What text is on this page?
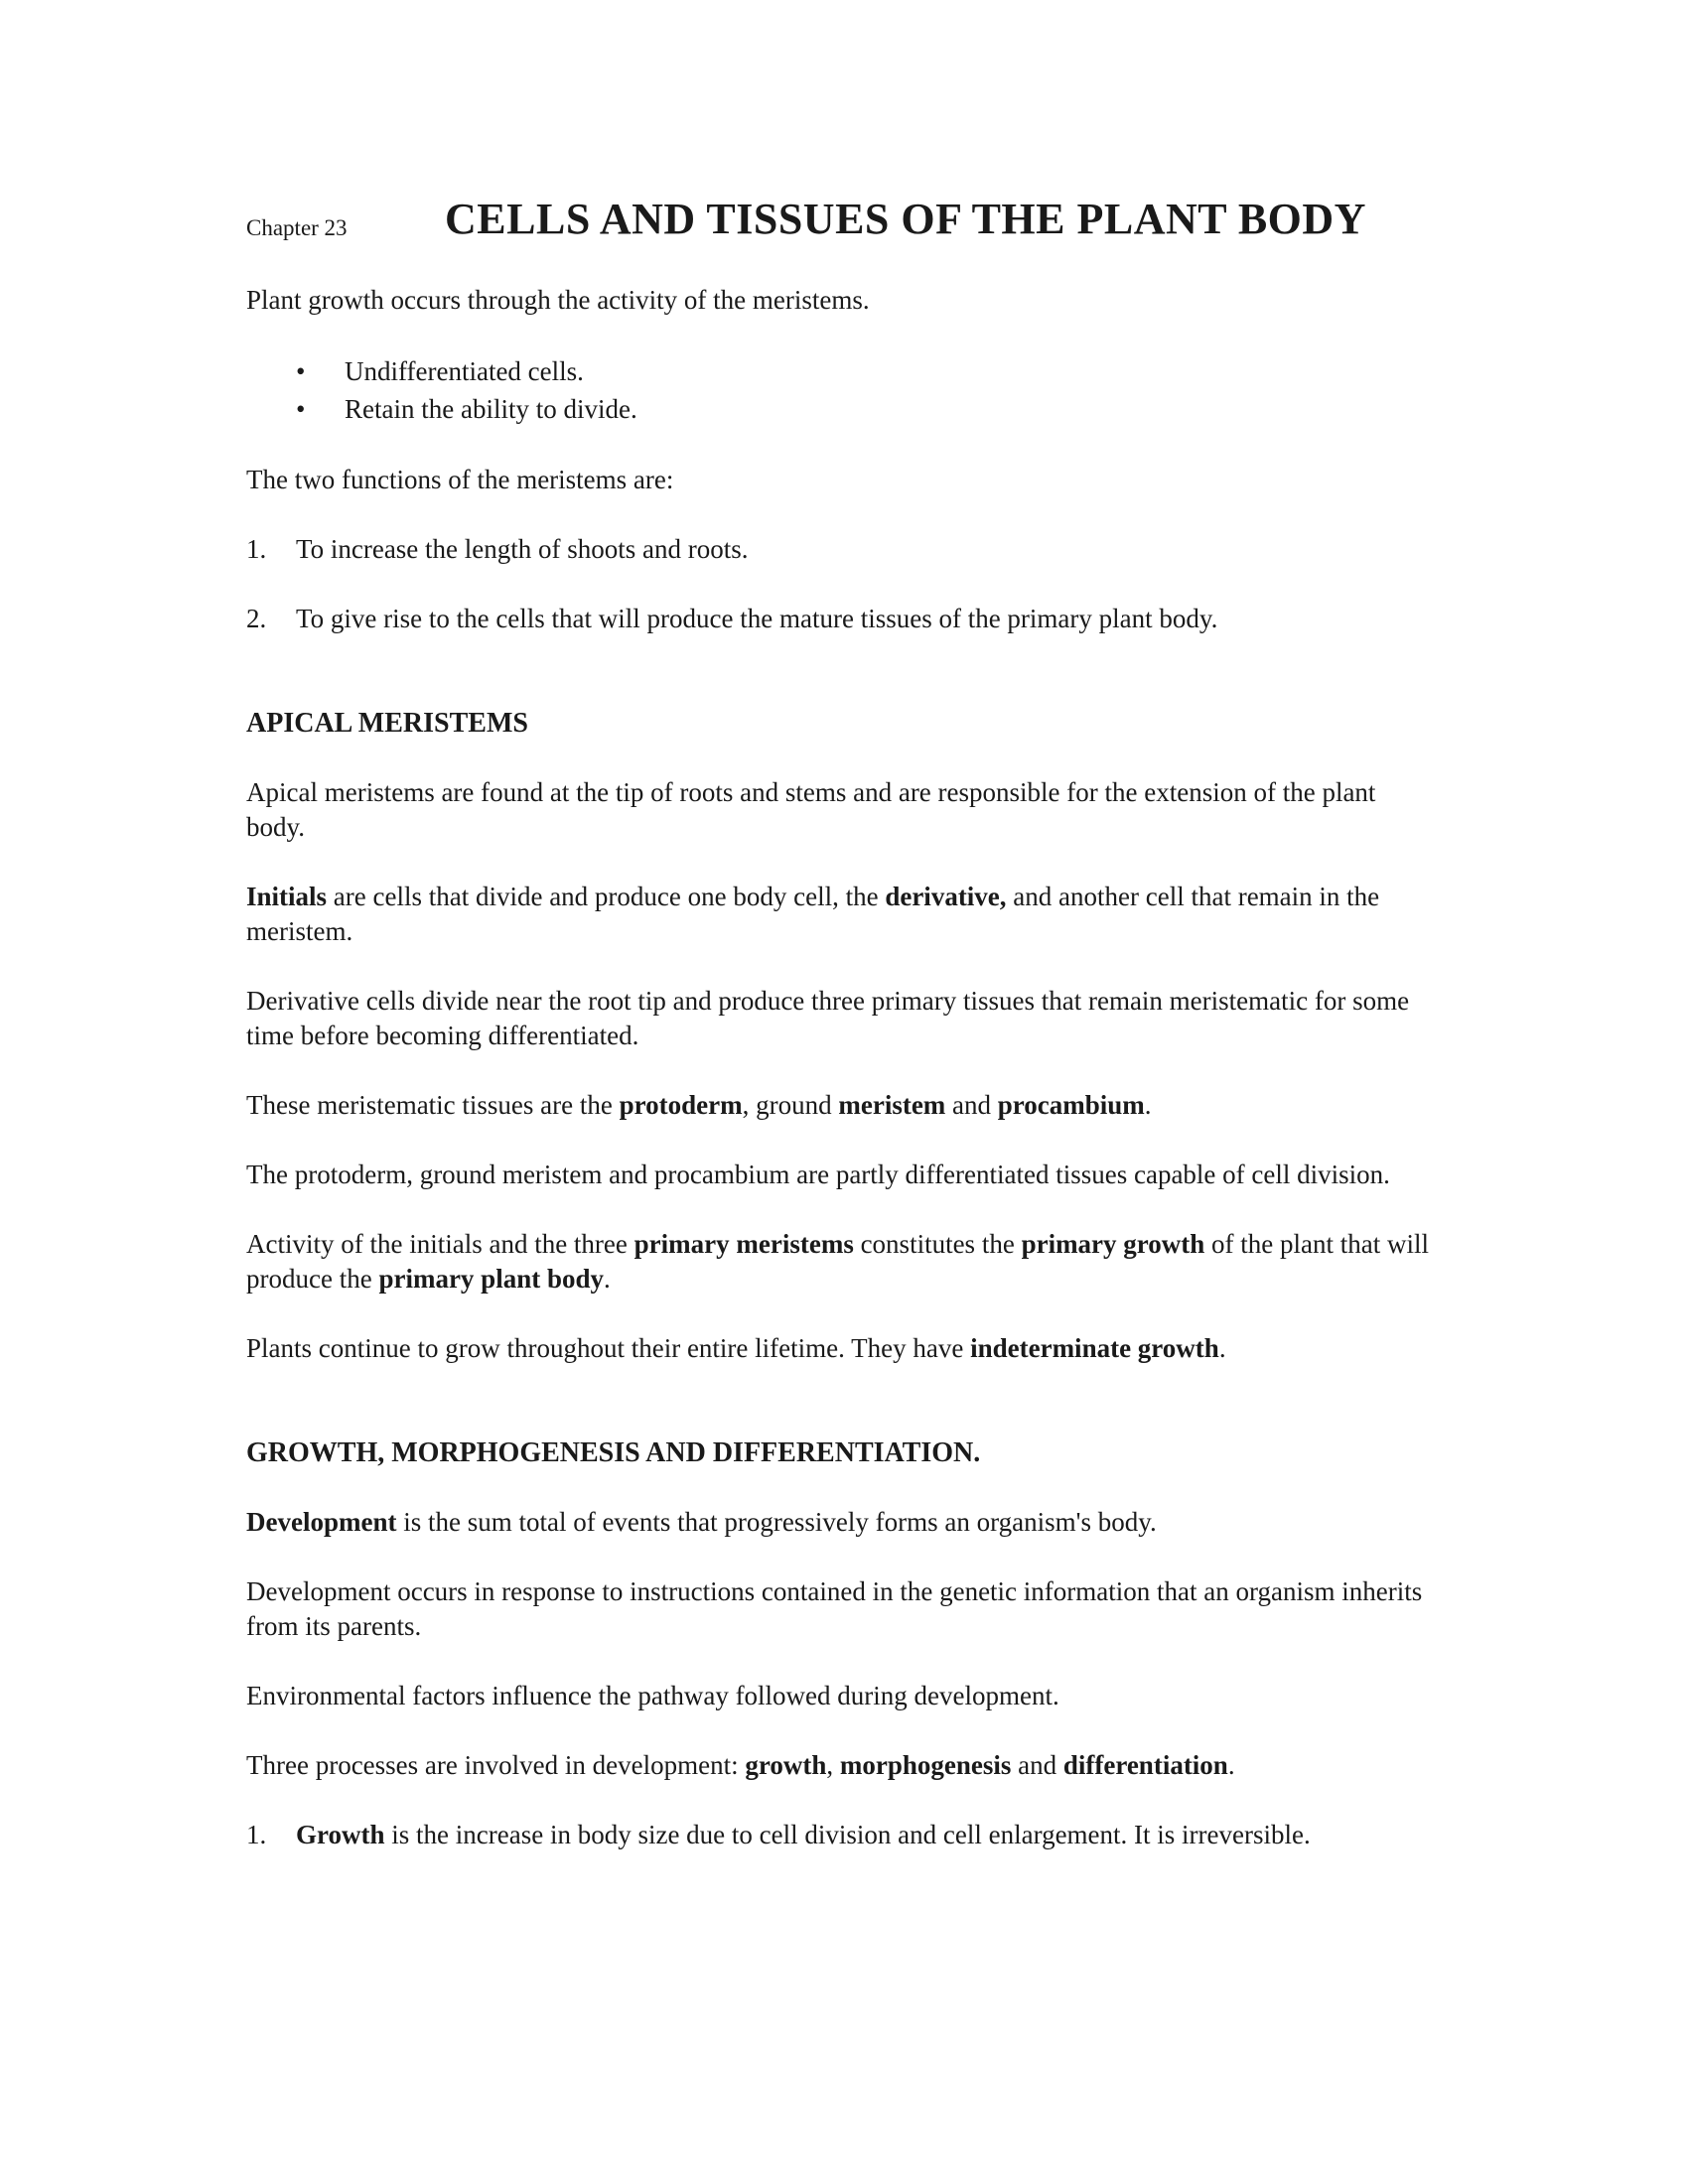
Chapter 23 CELLS AND TISSUES OF THE PLANT BODY

Plant growth occurs through the activity of the meristems.

• Undifferentiated cells.
• Retain the ability to divide.

The two functions of the meristems are:

1. To increase the length of shoots and roots.

2. To give rise to the cells that will produce the mature tissues of the primary plant body.

APICAL MERISTEMS

Apical meristems are found at the tip of roots and stems and are responsible for the extension of the plant body.

Initials are cells that divide and produce one body cell, the derivative, and another cell that remain in the meristem.

Derivative cells divide near the root tip and produce three primary tissues that remain meristematic for some time before becoming differentiated.

These meristematic tissues are the protoderm, ground meristem and procambium.

The protoderm, ground meristem and procambium are partly differentiated tissues capable of cell division.

Activity of the initials and the three primary meristems constitutes the primary growth of the plant that will produce the primary plant body.

Plants continue to grow throughout their entire lifetime. They have indeterminate growth.

GROWTH, MORPHOGENESIS AND DIFFERENTIATION.

Development is the sum total of events that progressively forms an organism's body.

Development occurs in response to instructions contained in the genetic information that an organism inherits from its parents.

Environmental factors influence the pathway followed during development.

Three processes are involved in development: growth, morphogenesis and differentiation.

1. Growth is the increase in body size due to cell division and cell enlargement. It is irreversible.
